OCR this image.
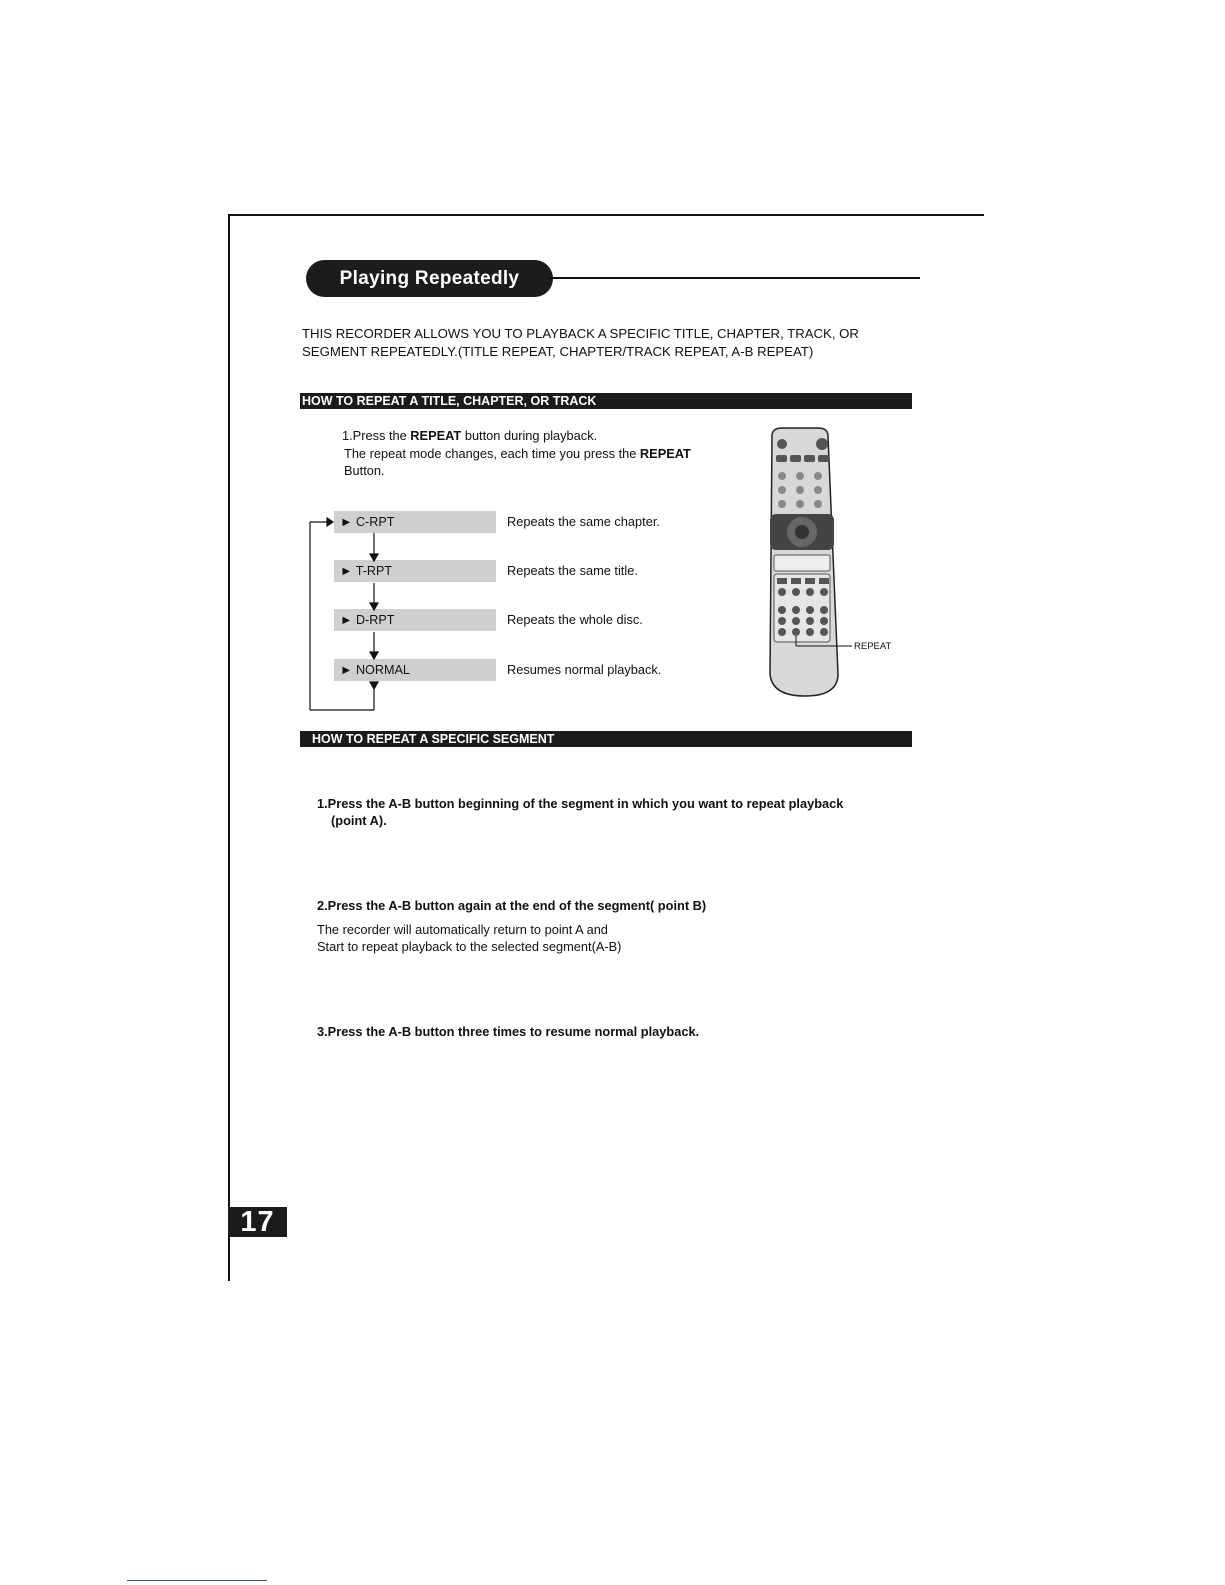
Playing Repeatedly
THIS RECORDER ALLOWS YOU TO PLAYBACK A SPECIFIC TITLE, CHAPTER, TRACK, OR
SEGMENT REPEATEDLY.(TITLE REPEAT, CHAPTER/TRACK REPEAT, A-B REPEAT)
HOW TO REPEAT A TITLE, CHAPTER, OR TRACK
1.Press the REPEAT button during playback.
The repeat mode changes, each time you press the REPEAT
Button.
► C-RPT	Repeats the same chapter.
► T-RPT	Repeats the same title.
► D-RPT	Repeats the whole disc.
► NORMAL	Resumes normal playback.
REPEAT
HOW TO REPEAT A SPECIFIC SEGMENT
1.Press the A-B button beginning of the segment in which you want to repeat playback
(point A).
2.Press the A-B button again at the end of the segment( point B)
The recorder will automatically return to point A and
Start to repeat playback to the selected segment(A-B)
3.Press the A-B button three times to resume normal playback.
17
